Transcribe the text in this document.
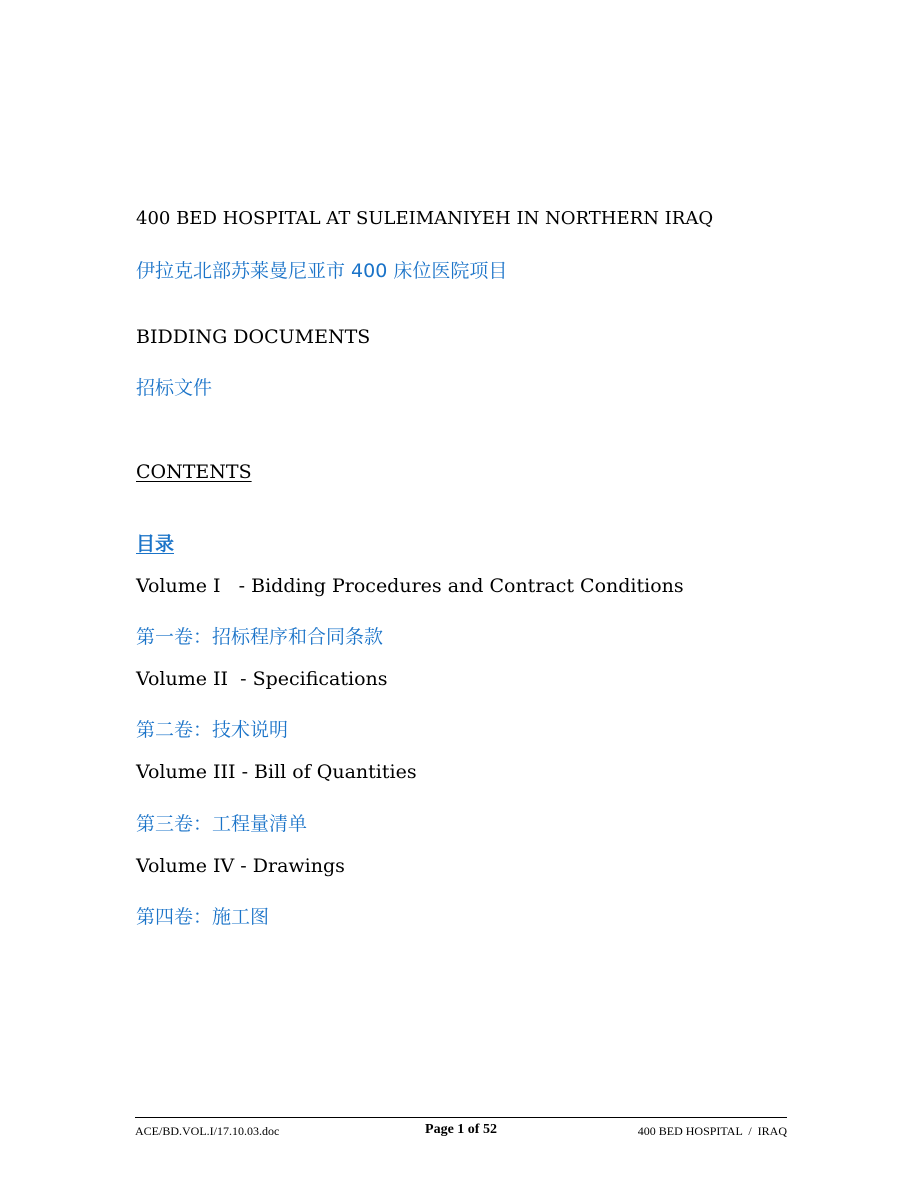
400 BED HOSPITAL AT SULEIMANIYEH IN NORTHERN IRAQ
伊拉克北部苏莱曼尼亚市 400 床位医院项目
BIDDING DOCUMENTS
招标文件
CONTENTS
目录
Volume I   - Bidding Procedures and Contract Conditions
第一卷：招标程序和合同条款
Volume II  - Specifications
第二卷：技术说明
Volume III - Bill of Quantities
第三卷：工程量清单
Volume IV - Drawings
第四卷：施工图
ACE/BD.VOL.I/17.10.03.doc	Page 1 of 52	400 BED HOSPITAL  /  IRAQ
